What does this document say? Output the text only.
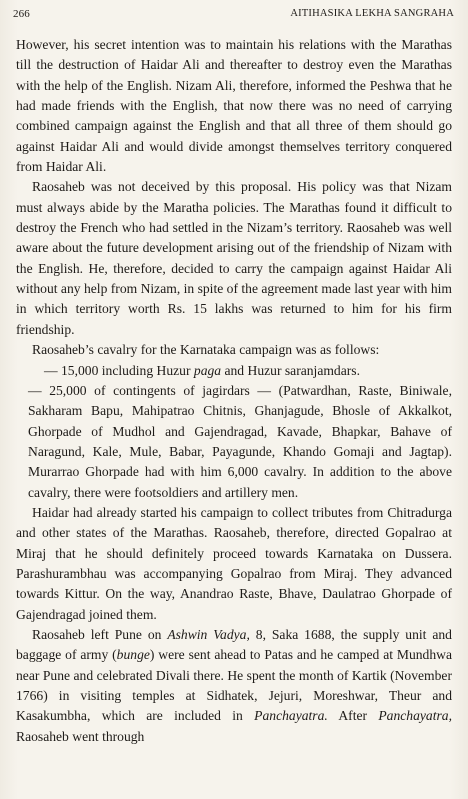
266	AITIHASIKA LEKHA SANGRAHA

However, his secret intention was to maintain his relations with the Marathas till the destruction of Haidar Ali and thereafter to destroy even the Marathas with the help of the English. Nizam Ali, therefore, informed the Peshwa that he had made friends with the English, that now there was no need of carrying combined campaign against the English and that all three of them should go against Haidar Ali and would divide amongst themselves territory conquered from Haidar Ali.

Raosaheb was not deceived by this proposal. His policy was that Nizam must always abide by the Maratha policies. The Marathas found it difficult to destroy the French who had settled in the Nizam’s territory. Raosaheb was well aware about the future development arising out of the friendship of Nizam with the English. He, therefore, decided to carry the campaign against Haidar Ali without any help from Nizam, in spite of the agreement made last year with him in which territory worth Rs. 15 lakhs was returned to him for his firm friendship.

Raosaheb’s cavalry for the Karnataka campaign was as follows:

— 15,000 including Huzur paga and Huzur saranjamdars.

— 25,000 of contingents of jagirdars — (Patwardhan, Raste, Biniwale, Sakharam Bapu, Mahipatrao Chitnis, Ghanjagude, Bhosle of Akkalkot, Ghorpade of Mudhol and Gajendragad, Kavade, Bhapkar, Bahave of Naragund, Kale, Mule, Babar, Payagunde, Khando Gomaji and Jagtap). Murarrao Ghorpade had with him 6,000 cavalry. In addition to the above cavalry, there were footsoldiers and artillery men.

Haidar had already started his campaign to collect tributes from Chitradurga and other states of the Marathas. Raosaheb, therefore, directed Gopalrao at Miraj that he should definitely proceed towards Karnataka on Dussera. Parashurambhau was accompanying Gopalrao from Miraj. They advanced towards Kittur. On the way, Anandrao Raste, Bhave, Daulatrao Ghorpade of Gajendragad joined them.

Raosaheb left Pune on Ashwin Vadya, 8, Saka 1688, the supply unit and baggage of army (bunge) were sent ahead to Patas and he camped at Mundhwa near Pune and celebrated Divali there. He spent the month of Kartik (November 1766) in visiting temples at Sidhatek, Jejuri, Moreshwar, Theur and Kasakumbha, which are included in Panchayatra. After Panchayatra, Raosaheb went through
